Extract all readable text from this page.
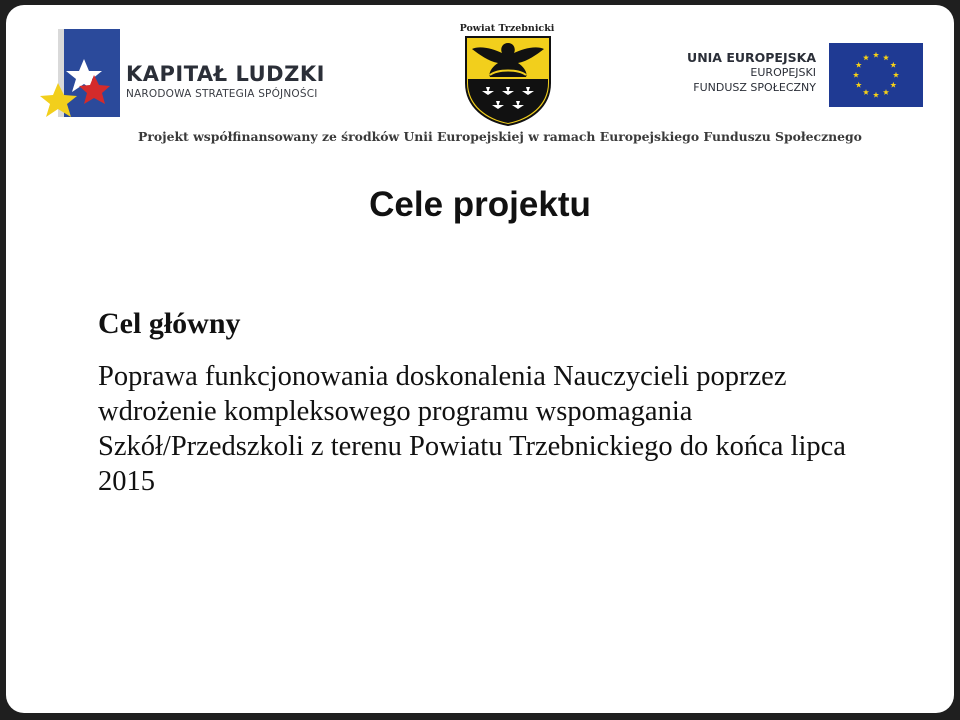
KAPITAŁ LUDZKI
NARODOWA STRATEGIA SPÓJNOŚCI
Powiat Trzebnicki
UNIA EUROPEJSKA
EUROPEJSKI
FUNDUSZ SPOŁECZNY
Projekt współfinansowany ze środków Unii Europejskiej w ramach Europejskiego Funduszu Społecznego
Cele projektu
Cel główny
Poprawa funkcjonowania doskonalenia Nauczycieli poprzez wdrożenie kompleksowego programu wspomagania Szkół/Przedszkoli z terenu Powiatu Trzebnickiego do końca lipca 2015
